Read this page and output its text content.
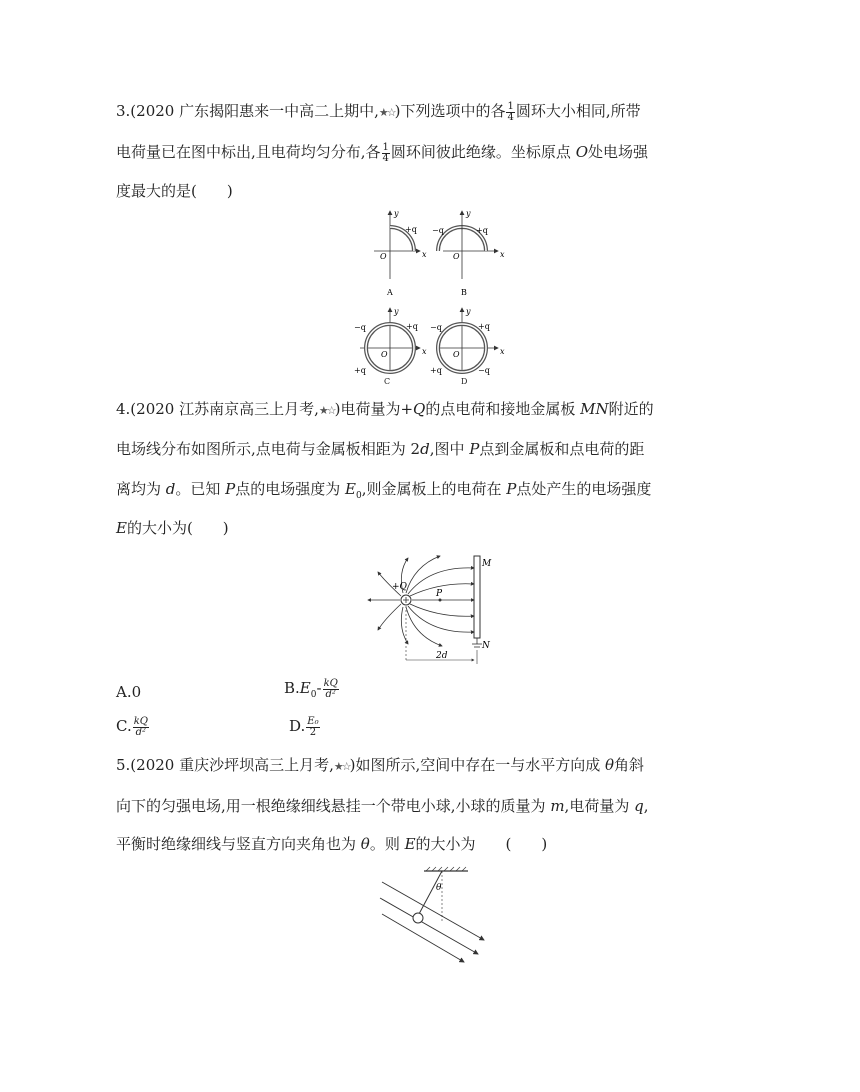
3.(2020 广东揭阳惠来一中高二上期中,★☆)下列选项中的各 $\frac{1}{4}$ 圆环大小相同,所带
电荷量已在图中标出,且电荷均匀分布,各 $\frac{1}{4}$ 圆环间彼此绝缘。坐标原点 O处电场强
度最大的是(　　)
y
x
O
+q
A
y
x
O
−q	+q
B
y
x
O
−q	+q
+q
y
x
O
−q	+q
+q	−q
C	D
4.(2020 江苏南京高三上月考,★☆)电荷量为+Q的点电荷和接地金属板 MN附近的
电场线分布如图所示,点电荷与金属板相距为 2d,图中 P点到金属板和点电荷的距
离均为 d。已知 P点的电场强度为 $E_0$,则金属板上的电荷在 P点处产生的电场强度
E的大小为(　　)
+Q
P
M
N
2d
A.0	$B.E_0- \frac{kQ}{\text{d²}}$
C. $\frac{kQ}{\text{d²}}$	D. $\frac{\text{E₀}}{2}$
5.(2020 重庆沙坪坝高三上月考,★☆)如图所示,空间中存在一与水平方向成 θ角斜
向下的匀强电场,用一根绝缘细线悬挂一个带电小球,小球的质量为 m,电荷量为 q,
平衡时绝缘细线与竖直方向夹角也为 θ。则 E的大小为　　(　　)
θ
